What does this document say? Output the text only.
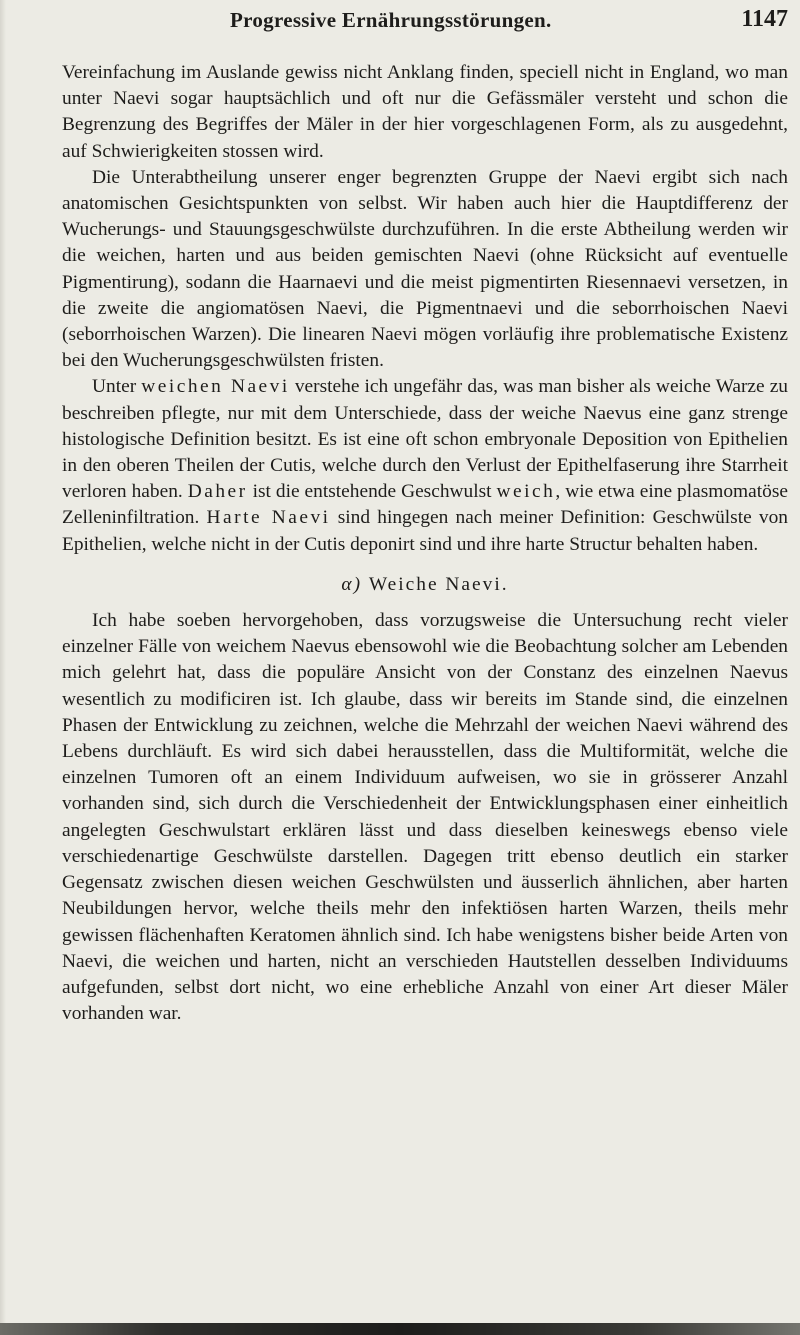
Progressive Ernährungsstörungen.	1147

Vereinfachung im Auslande gewiss nicht Anklang finden, speciell nicht in England, wo man unter Naevi sogar hauptsächlich und oft nur die Gefässmäler versteht und schon die Begrenzung des Begriffes der Mäler in der hier vorgeschlagenen Form, als zu ausgedehnt, auf Schwierigkeiten stossen wird.

Die Unterabtheilung unserer enger begrenzten Gruppe der Naevi ergibt sich nach anatomischen Gesichtspunkten von selbst. Wir haben auch hier die Hauptdifferenz der Wucherungs- und Stauungsgeschwülste durchzuführen. In die erste Abtheilung werden wir die weichen, harten und aus beiden gemischten Naevi (ohne Rücksicht auf eventuelle Pigmentirung), sodann die Haarnaevi und die meist pigmentirten Riesennaevi versetzen, in die zweite die angiomatösen Naevi, die Pigmentnaevi und die seborrhoischen Naevi (seborrhoischen Warzen). Die linearen Naevi mögen vorläufig ihre problematische Existenz bei den Wucherungsgeschwülsten fristen.

Unter weichen Naevi verstehe ich ungefähr das, was man bisher als weiche Warze zu beschreiben pflegte, nur mit dem Unterschiede, dass der weiche Naevus eine ganz strenge histologische Definition besitzt. Es ist eine oft schon embryonale Deposition von Epithelien in den oberen Theilen der Cutis, welche durch den Verlust der Epithelfaserung ihre Starrheit verloren haben. Daher ist die entstehende Geschwulst weich, wie etwa eine plasmomatöse Zelleninfiltration. Harte Naevi sind hingegen nach meiner Definition: Geschwülste von Epithelien, welche nicht in der Cutis deponirt sind und ihre harte Structur behalten haben.

α) Weiche Naevi.

Ich habe soeben hervorgehoben, dass vorzugsweise die Untersuchung recht vieler einzelner Fälle von weichem Naevus ebensowohl wie die Beobachtung solcher am Lebenden mich gelehrt hat, dass die populäre Ansicht von der Constanz des einzelnen Naevus wesentlich zu modificiren ist. Ich glaube, dass wir bereits im Stande sind, die einzelnen Phasen der Entwicklung zu zeichnen, welche die Mehrzahl der weichen Naevi während des Lebens durchläuft. Es wird sich dabei herausstellen, dass die Multiformität, welche die einzelnen Tumoren oft an einem Individuum aufweisen, wo sie in grösserer Anzahl vorhanden sind, sich durch die Verschiedenheit der Entwicklungsphasen einer einheitlich angelegten Geschwulstart erklären lässt und dass dieselben keineswegs ebenso viele verschiedenartige Geschwülste darstellen. Dagegen tritt ebenso deutlich ein starker Gegensatz zwischen diesen weichen Geschwülsten und äusserlich ähnlichen, aber harten Neubildungen hervor, welche theils mehr den infektiösen harten Warzen, theils mehr gewissen flächenhaften Keratomen ähnlich sind. Ich habe wenigstens bisher beide Arten von Naevi, die weichen und harten, nicht an verschieden Hautstellen desselben Individuums aufgefunden, selbst dort nicht, wo eine erhebliche Anzahl von einer Art dieser Mäler vorhanden war.
